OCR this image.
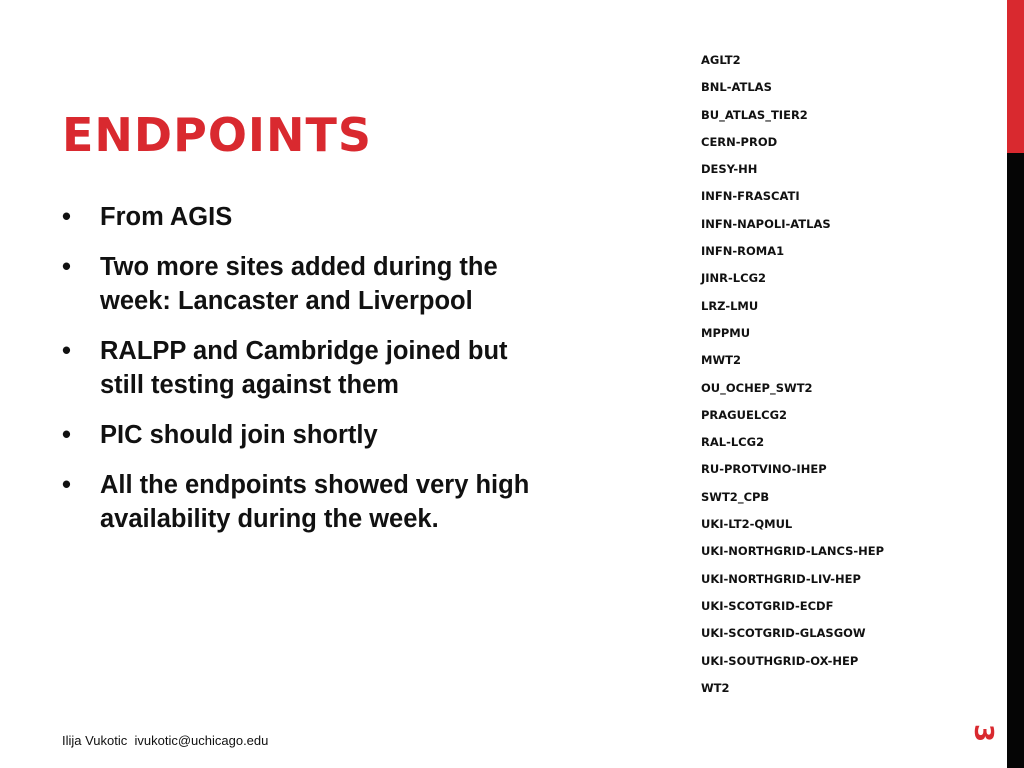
ENDPOINTS
• From AGIS
• Two more sites added during the week: Lancaster and Liverpool
• RALPP and Cambridge joined but still testing against them
• PIC should join shortly
• All the endpoints showed very high availability during the week.
AGLT2
BNL-ATLAS
BU_ATLAS_TIER2
CERN-PROD
DESY-HH
INFN-FRASCATI
INFN-NAPOLI-ATLAS
INFN-ROMA1
JINR-LCG2
LRZ-LMU
MPPMU
MWT2
OU_OCHEP_SWT2
PRAGUELCG2
RAL-LCG2
RU-PROTVINO-IHEP
SWT2_CPB
UKI-LT2-QMUL
UKI-NORTHGRID-LANCS-HEP
UKI-NORTHGRID-LIV-HEP
UKI-SCOTGRID-ECDF
UKI-SCOTGRID-GLASGOW
UKI-SOUTHGRID-OX-HEP
WT2
Ilija Vukotic  ivukotic@uchicago.edu	3
